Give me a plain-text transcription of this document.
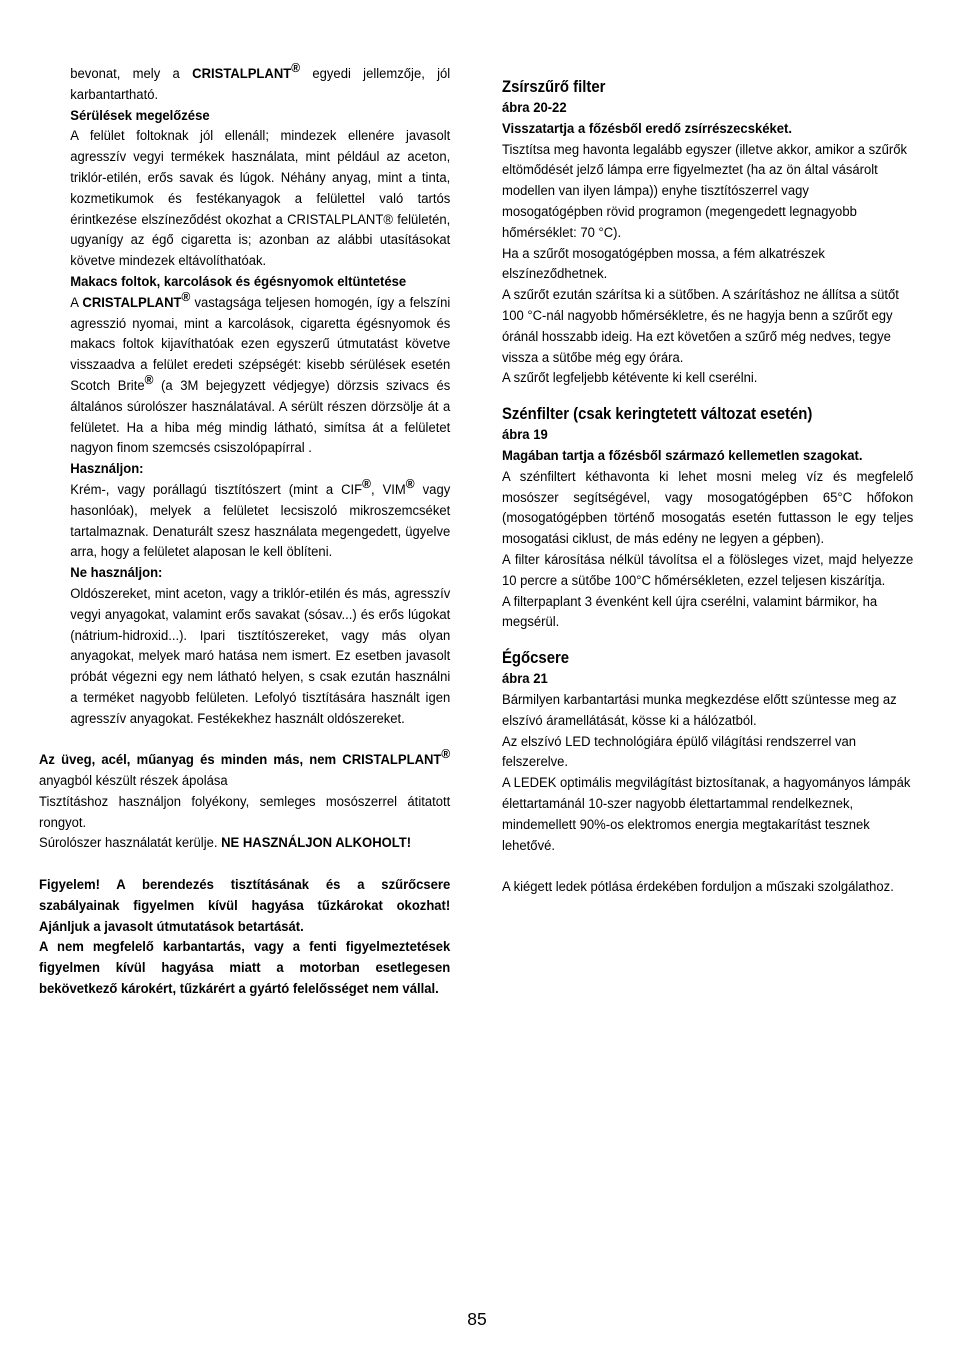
bevonat, mely a CRISTALPLANT® egyedi jellemzője, jól karbantartható.

Sérülések megelőzése

A felület foltoknak jól ellenáll; mindezek ellenére javasolt agresszív vegyi termékek használata, mint például az aceton, triklór-etilén, erős savak és lúgok. Néhány anyag, mint a tinta, kozmetikumok és festékanyagok a felülettel való tartós érintkezése elszíneződést okozhat a CRISTALPLANT® felületén, ugyanígy az égő cigaretta is; azonban az alábbi utasításokat követve mindezek eltávolíthatóak.

Makacs foltok, karcolások és égésnyomok eltüntetése

A CRISTALPLANT® vastagsága teljesen homogén, így a felszíni agresszió nyomai, mint a karcolások, cigaretta égésnyomok és makacs foltok kijavíthatóak ezen egyszerű útmutatást követve visszaadva a felület eredeti szépségét: kisebb sérülések esetén Scotch Brite® (a 3M bejegyzett védjegye) dörzsis szivacs és általános súrolószer használatával. A sérült részen dörzsölje át a felületet. Ha a hiba még mindig látható, simítsa át a felületet nagyon finom szemcsés csiszolópapírral .

Használjon:

Krém-, vagy porállagú tisztítószert (mint a CIF®, VIM® vagy hasonlóak), melyek a felületet lecsiszoló mikroszemcséket tartalmaznak. Denaturált szesz használata megengedett, ügyelve arra, hogy a felületet alaposan le kell öblíteni.

Ne használjon:

Oldószereket, mint aceton, vagy a triklór-etilén és más, agresszív vegyi anyagokat, valamint erős savakat (sósav...) és erős lúgokat (nátrium-hidroxid...). Ipari tisztítószereket, vagy más olyan anyagokat, melyek maró hatása nem ismert. Ez esetben javasolt próbát végezni egy nem látható helyen, s csak ezután használni a terméket nagyobb felületen. Lefolyó tisztítására használt igen agresszív anyagokat. Festékekhez használt oldószereket.

Az üveg, acél, műanyag és minden más, nem CRISTALPLANT® anyagból készült részek ápolása

Tisztításhoz használjon folyékony, semleges mosószerrel átitatott rongyot.

Súrolószer használatát kerülje. NE HASZNÁLJON ALKOHOLT!

Figyelem! A berendezés tisztításának és a szűrőcsere szabályainak figyelmen kívül hagyása tűzkárokat okozhat! Ajánljuk a javasolt útmutatások betartását.

A nem megfelelő karbantartás, vagy a fenti figyelmeztetések figyelmen kívül hagyása miatt a motorban esetlegesen bekövetkező károkért, tűzkárért a gyártó felelősséget nem vállal.

Zsírszűrő filter

ábra 20-22

Visszatartja a főzésből eredő zsírrészecskéket.

Tisztítsa meg havonta legalább egyszer (illetve akkor, amikor a szűrők eltömődését jelző lámpa erre figyelmeztet (ha az ön által vásárolt modellen van ilyen lámpa)) enyhe tisztítószerrel vagy mosogatógépben rövid programon (megengedett legnagyobb hőmérséklet: 70 °C).

Ha a szűrőt mosogatógépben mossa, a fém alkatrészek elszíneződhetnek.

A szűrőt ezután szárítsa ki a sütőben. A szárításhoz ne állítsa a sütőt 100 °C-nál nagyobb hőmérsékletre, és ne hagyja benn a szűrőt egy óránál hosszabb ideig. Ha ezt követően a szűrő még nedves, tegye vissza a sütőbe még egy órára.

A szűrőt legfeljebb kétévente ki kell cserélni.

Szénfilter (csak keringtetett változat esetén)

ábra 19

Magában tartja a főzésből származó kellemetlen szagokat.

A szénfiltert kéthavonta ki lehet mosni meleg víz és megfelelő mosószer segítségével, vagy mosogatógépben 65°C hőfokon (mosogatógépben történő mosogatás esetén futtasson le egy teljes mosogatási ciklust, de más edény ne legyen a gépben).

A filter károsítása nélkül távolítsa el a fölösleges vizet, majd helyezze 10 percre a sütőbe 100°C hőmérsékleten, ezzel teljesen kiszárítja.

A filterpaplant 3 évenként kell újra cserélni, valamint bármikor, ha megsérül.

Égőcsere

ábra 21

Bármilyen karbantartási munka megkezdése előtt szüntesse meg az elszívó áramellátását, kösse ki a hálózatból.

Az elszívó LED technológiára épülő világítási rendszerrel van felszerelve.

A LEDEK optimális megvilágítást biztosítanak, a hagyományos lámpák élettartamánál 10-szer nagyobb élettartammal rendelkeznek, mindemellett 90%-os elektromos energia megtakarítást tesznek lehetővé.

A kiégett ledek pótlása érdekében forduljon a műszaki szolgálathoz.

85
